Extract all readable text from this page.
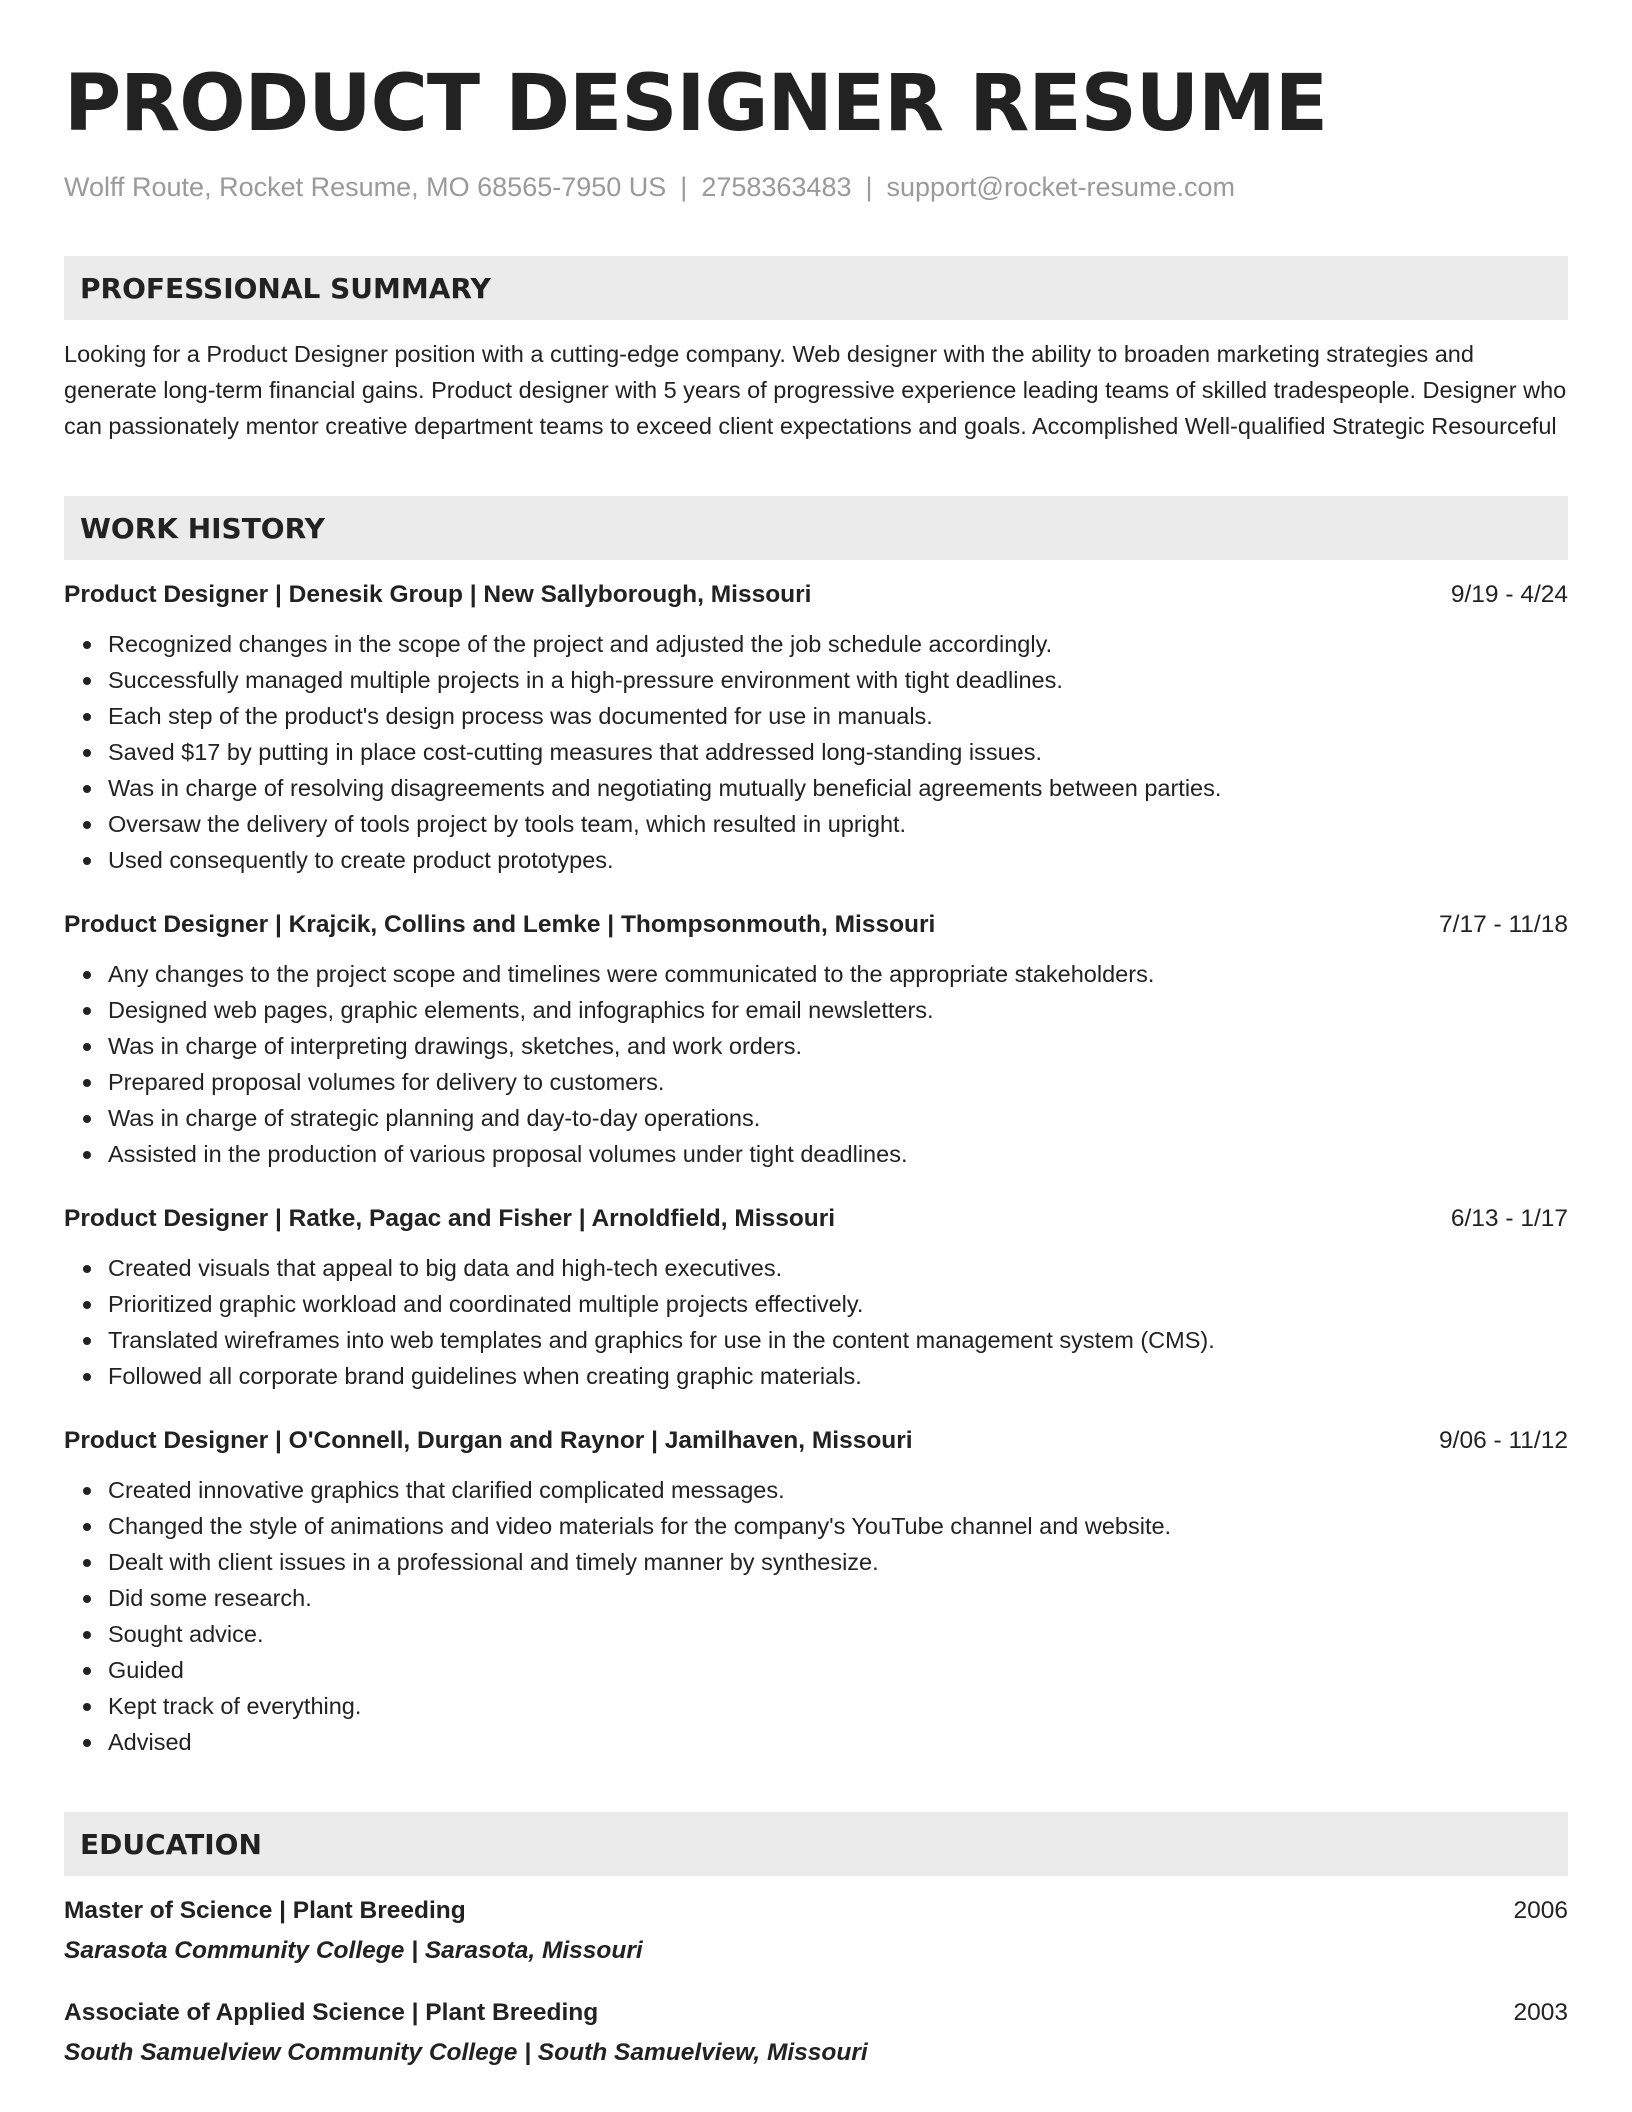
PRODUCT DESIGNER RESUME
Wolff Route, Rocket Resume, MO 68565-7950 US | 2758363483 | support@rocket-resume.com
PROFESSIONAL SUMMARY
Looking for a Product Designer position with a cutting-edge company. Web designer with the ability to broaden marketing strategies and generate long-term financial gains. Product designer with 5 years of progressive experience leading teams of skilled tradespeople. Designer who can passionately mentor creative department teams to exceed client expectations and goals. Accomplished Well-qualified Strategic Resourceful
WORK HISTORY
Product Designer | Denesik Group | New Sallyborough, Missouri	9/19 - 4/24
Recognized changes in the scope of the project and adjusted the job schedule accordingly.
Successfully managed multiple projects in a high-pressure environment with tight deadlines.
Each step of the product's design process was documented for use in manuals.
Saved $17 by putting in place cost-cutting measures that addressed long-standing issues.
Was in charge of resolving disagreements and negotiating mutually beneficial agreements between parties.
Oversaw the delivery of tools project by tools team, which resulted in upright.
Used consequently to create product prototypes.
Product Designer | Krajcik, Collins and Lemke | Thompsonmouth, Missouri	7/17 - 11/18
Any changes to the project scope and timelines were communicated to the appropriate stakeholders.
Designed web pages, graphic elements, and infographics for email newsletters.
Was in charge of interpreting drawings, sketches, and work orders.
Prepared proposal volumes for delivery to customers.
Was in charge of strategic planning and day-to-day operations.
Assisted in the production of various proposal volumes under tight deadlines.
Product Designer | Ratke, Pagac and Fisher | Arnoldfield, Missouri	6/13 - 1/17
Created visuals that appeal to big data and high-tech executives.
Prioritized graphic workload and coordinated multiple projects effectively.
Translated wireframes into web templates and graphics for use in the content management system (CMS).
Followed all corporate brand guidelines when creating graphic materials.
Product Designer | O'Connell, Durgan and Raynor | Jamilhaven, Missouri	9/06 - 11/12
Created innovative graphics that clarified complicated messages.
Changed the style of animations and video materials for the company's YouTube channel and website.
Dealt with client issues in a professional and timely manner by synthesize.
Did some research.
Sought advice.
Guided
Kept track of everything.
Advised
EDUCATION
Master of Science | Plant Breeding	2006
Sarasota Community College | Sarasota, Missouri
Associate of Applied Science | Plant Breeding	2003
South Samuelview Community College | South Samuelview, Missouri
